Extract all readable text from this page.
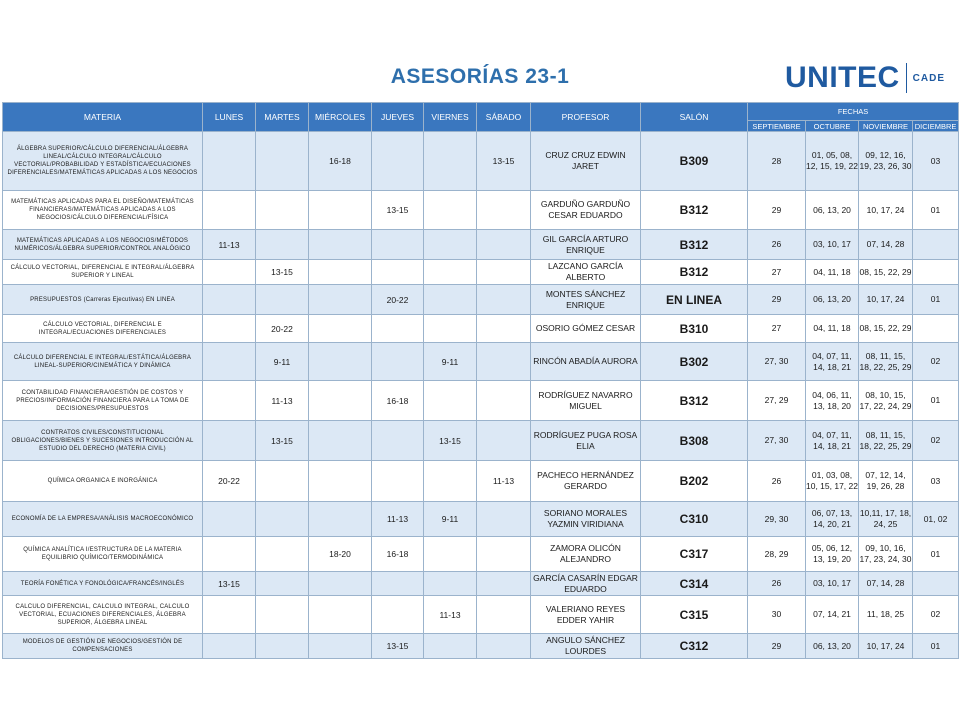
ASESORÍAS 23-1	UNITEC CADE
MATERIA	LUNES	MARTES	MIÉRCOLES	JUEVES	VIERNES	SÁBADO	PROFESOR	SALÓN	FECHAS			
									SEPTIEMBRE	OCTUBRE	NOVIEMBRE	DICIEMBRE
ÁLGEBRA SUPERIOR/CÁLCULO DIFERENCIAL/ÁLGEBRA LINEAL/CÁLCULO INTEGRAL/CÁLCULO VECTORIAL/PROBABILIDAD Y ESTADÍSTICA/ECUACIONES DIFERENCIALES/MATEMÁTICAS APLICADAS A LOS NEGOCIOS			16-18			13-15	CRUZ CRUZ EDWIN JARET	B309	28	01, 05, 08, 12, 15, 19, 22	09, 12, 16, 19, 23, 26, 30	03
MATEMÁTICAS APLICADAS PARA EL DISEÑO/MATEMÁTICAS FINANCIERAS/MATEMÁTICAS APLICADAS A LOS NEGOCIOS/CÁLCULO DIFERENCIAL/FÍSICA				13-15			GARDUÑO GARDUÑO CESAR EDUARDO	B312	29	06, 13, 20	10, 17, 24	01
MATEMÁTICAS APLICADAS A LOS NEGOCIOS/MÉTODOS NUMÉRICOS/ÁLGEBRA SUPERIOR/CONTROL ANALÓGICO	11-13						GIL GARCÍA ARTURO ENRIQUE	B312	26	03, 10, 17	07, 14, 28	
CÁLCULO VECTORIAL, DIFERENCIAL E INTEGRAL/ÁLGEBRA SUPERIOR Y LINEAL		13-15					LAZCANO GARCÍA ALBERTO	B312	27	04, 11, 18	08, 15, 22, 29	
PRESUPUESTOS (Carreras Ejecutivas) EN LINEA				20-22			MONTES SÁNCHEZ ENRIQUE	EN LINEA	29	06, 13, 20	10, 17, 24	01
CÁLCULO VECTORIAL, DIFERENCIAL E INTEGRAL/ECUACIONES DIFERENCIALES		20-22					OSORIO GÓMEZ CESAR	B310	27	04, 11, 18	08, 15, 22, 29	
CÁLCULO DIFERENCIAL E INTEGRAL/ESTÁTICA/ÁLGEBRA LINEAL-SUPERIOR/CINEMÁTICA Y DINÁMICA		9-11			9-11		RINCÓN ABADÍA AURORA	B302	27, 30	04, 07, 11, 14, 18, 21	08, 11, 15, 18, 22, 25, 29	02
CONTABILIDAD FINANCIERA/GESTIÓN DE COSTOS Y PRECIOS/INFORMACIÓN FINANCIERA PARA LA TOMA DE DECISIONES/PRESUPUESTOS		11-13		16-18			RODRÍGUEZ NAVARRO MIGUEL	B312	27, 29	04, 06, 11, 13, 18, 20	08, 10, 15, 17, 22, 24, 29	01
CONTRATOS CIVILES/CONSTITUCIONAL OBLIGACIONES/BIENES Y SUCESIONES INTRODUCCIÓN AL ESTUDIO DEL DERECHO (MATERIA CIVIL)		13-15			13-15		RODRÍGUEZ PUGA ROSA ELIA	B308	27, 30	04, 07, 11, 14, 18, 21	08, 11, 15, 18, 22, 25, 29	02
QUÍMICA ORGANICA E INORGÁNICA	20-22					11-13	PACHECO HERNÁNDEZ GERARDO	B202	26	01, 03, 08, 10, 15, 17, 22	07, 12, 14, 19, 26, 28	03
ECONOMÍA DE LA EMPRESA/ANÁLISIS MACROECONÓMICO				11-13	9-11		SORIANO MORALES YAZMIN VIRIDIANA	C310	29, 30	06, 07, 13, 14, 20, 21	10,11, 17, 18, 24, 25	01, 02
QUÍMICA ANALÍTICA I/ESTRUCTURA DE LA MATERIA EQUILIBRIO QUÍMICO/TERMODINÁMICA			18-20	16-18			ZAMORA OLICÓN ALEJANDRO	C317	28, 29	05, 06, 12, 13, 19, 20	09, 10, 16, 17, 23, 24, 30	01
TEORÍA FONÉTICA Y FONOLÓGICA/FRANCÉS/INGLÉS	13-15						GARCÍA CASARÍN EDGAR EDUARDO	C314	26	03, 10, 17	07, 14, 28	
CALCULO DIFERENCIAL, CALCULO INTEGRAL, CALCULO VECTORIAL, ECUACIONES DIFERENCIALES, ÁLGEBRA SUPERIOR, ÁLGEBRA LINEAL					11-13		VALERIANO REYES EDDER YAHIR	C315	30	07, 14, 21	11, 18, 25	02
MODELOS DE GESTIÓN DE NEGOCIOS/GESTIÓN DE COMPENSACIONES				13-15			ANGULO SÁNCHEZ LOURDES	C312	29	06, 13, 20	10, 17, 24	01
